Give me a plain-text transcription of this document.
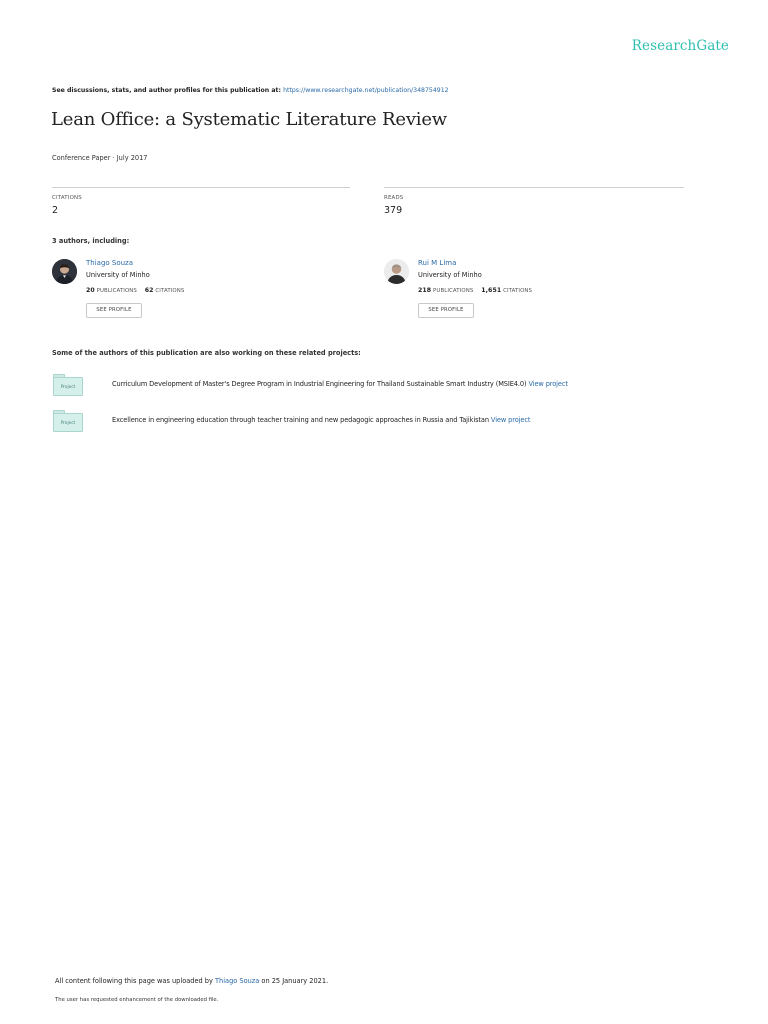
ResearchGate
See discussions, stats, and author profiles for this publication at: https://www.researchgate.net/publication/348754912
Lean Office: a Systematic Literature Review
Conference Paper · July 2017
CITATIONS
2
READS
379
3 authors, including:
Thiago Souza
University of Minho
20 PUBLICATIONS 62 CITATIONS
SEE PROFILE
Rui M Lima
University of Minho
218 PUBLICATIONS 1,651 CITATIONS
SEE PROFILE
Some of the authors of this publication are also working on these related projects:
Project	Curriculum Development of Master's Degree Program in Industrial Engineering for Thailand Sustainable Smart Industry (MSIE4.0) View project
Project	Excellence in engineering education through teacher training and new pedagogic approaches in Russia and Tajikistan View project
All content following this page was uploaded by Thiago Souza on 25 January 2021.
The user has requested enhancement of the downloaded file.
